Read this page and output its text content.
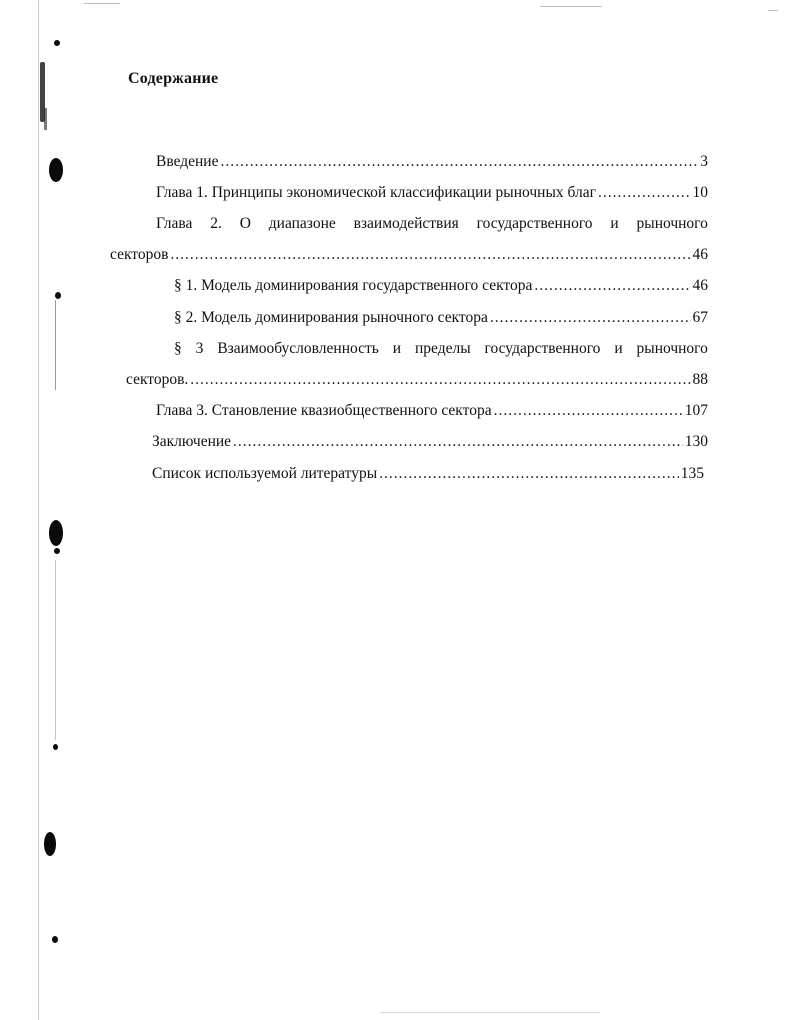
Содержание
Введение .....	3
Глава 1. Принципы экономической классификации рыночных благ .....	10
Глава 2. О диапазоне взаимодействия государственного и рыночного
секторов .....	46
§ 1. Модель доминирования государственного сектора .....	46
§ 2. Модель доминирования рыночного сектора .....	67
§ 3 Взаимообусловленность и пределы государственного и рыночного
секторов. .....	88
Глава 3. Становление квазиобщественного сектора .....	107
Заключение .....	130
Список используемой литературы .....	135
